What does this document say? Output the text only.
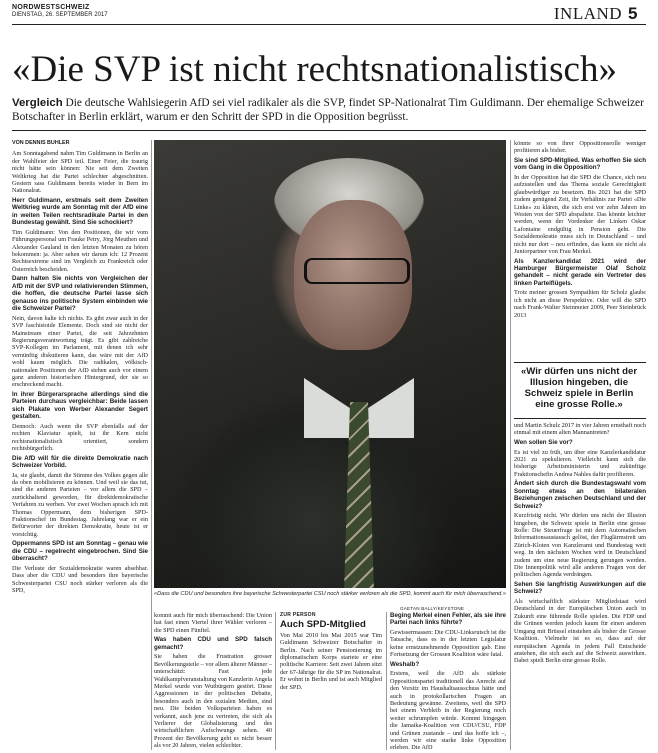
NORDWESTSCHWEIZ
DIENSTAG, 26. SEPTEMBER 2017	INLAND 5
«Die SVP ist nicht rechtsnationalistisch»
Vergleich Die deutsche Wahlsiegerin AfD sei viel radikaler als die SVP, findet SP-Nationalrat Tim Guldimann. Der ehemalige Schweizer Botschafter in Berlin erklärt, warum er den Schritt der SPD in die Opposition begrüsst.
VON DENNIS BÜHLER

Am Sonntagabend nahm Tim Guldimann in Berlin an der Wahlfeier der SPD teil. Einer Feier, die traurig nicht hätte sein können: Nie seit dem Zweiten Weltkrieg hat die Partei schlechter abgeschnitten. Gestern sass Guldimann bereits wieder in Bern im Nationalrat.

Herr Guldimann, erstmals seit dem Zweiten Weltkrieg wurde am Sonntag mit der AfD eine in weiten Teilen rechtsradikale Partei in den Bundestag gewählt. Sind Sie schockiert?

Tim Guldimann: Von den Positionen, die wir vom Führungspersonal um Frauke Petry, Jörg Meuthen und Alexander Gauland in den letzten Monaten zu hören bekommen: ja. Aber sehen wir darum ich: 12 Prozent Rechtsextreme sind im Vergleich zu Frankreich oder Österreich bescheiden.

Dann halten Sie nichts von Vergleichen der AfD mit der SVP und relativierenden Stimmen, die hoffen, die deutsche Partei lasse sich genauso ins politische System einbinden wie die Schweizer Partei?

Nein, davon halte ich nichts. Es gibt zwar auch in der SVP faschistoide Elemente. Doch sind sie nicht der Mainstream einer Partei, die seit Jahrzehnten Regierungsverantwortung trägt. Es gibt zahlreiche SVP-Kollegen im Parlament, mit denen ich sehr vernünftig diskutieren kann, das wäre mit der AfD wohl kaum möglich. Die radikalen, völkisch-nationalen Positionen der AfD stehen auch vor einem ganz anderen historischen Hintergrund, der sie so erschreckend macht.

In ihrer Bürgerarsprache allerdings sind die Parteien durchaus vergleichbar: Beide lassen sich Plakate von Werber Alexander Segert gestalten.

Dennoch: Auch wenn die SVP ebenfalls auf der rechten Klaviatur spielt, ist ihr Kern nicht rechtsnationalistisch orientiert, sondern rechtsbürgerlich.

Die AfD will für die direkte Demokratie nach Schweizer Vorbild.

Ja, sie glaubt, damit die Stimme des Volkes gegen alle da oben mobilisieren zu können. Und weil sie das tut, sind die anderen Parteien – vor allem die SPD – zurückhaltend geworden, für direktdemokratische Verfahren zu werben. Vor zwei Wochen sprach ich mit Thomas Oppermann, dem bisherigen SPD-Fraktionschef im Bundestag. Jahrelang war er ein Befürworter der direkten Demokratie, heute ist er vorsichtig.

Oppermanns SPD ist am Sonntag – genau wie die CDU – regelrecht eingebrochen. Sind Sie überrascht?

Die Verluste der Sozialdemokratie waren absehbar. Dass aber die CDU und besonders ihre bayerische Schwesterpartei CSU noch stärker verloren als die SPD,	«Dass die CDU und besonders ihre bayerische Schwesterpartei CSU noch stärker verloren als die SPD, kommt auch für mich überraschend.»
GAETAN BALLY/KEYSTONE

kommt auch für mich überraschend: Die Union hat fast einen Viertel ihrer Wähler verloren – die SPD einen Fünftel.

Was haben CDU und SPD falsch gemacht?

Sie haben die Frustration grosser Bevölkerungsteile – vor allem älterer Männer – unterschätzt: Fast jede Wahlkampfveranstaltung von Kanzlerin Angela Merkel wurde von Wutbürgern gestört. Diese Aggressionen in der politischen Debatte, besonders auch in den sozialen Medien, sind neu. Die beiden Volksparteien haben es verkannt, auch jene zu vertreten, die sich als Verlierer der Globalisierung und des wirtschaftlichen Aufschwungs sehen. 40 Prozent der Bevölkerung geht es nicht besser als vor 20 Jahren, vielen schlechter.

ZUR PERSON
Auch SPD-Mitglied

Von Mai 2010 bis Mai 2015 war Tim Guldimann Schweizer Botschafter in Berlin. Nach seiner Pensionierung im diplomatischen Korps startete er eine politische Karriere: Seit zwei Jahren sitzt der 67-Jährige für die SP im Nationalrat. Er wohnt in Berlin und ist auch Mitglied der SPD.

Beging Merkel einen Fehler, als sie ihre Partei nach links führte?

Gewissermassen: Die CDU-Linksrutsch ist die Tatsache, dass es in der letzten Legislatur keine ernstzunehmende Opposition gab. Eine Fortsetzung der Grossen Koalition wäre fatal.

Weshalb?

Erstens, weil die AfD als stärkste Oppositionspartei traditionell das Anrecht auf den Vorsitz im Haushaltsausschuss hätte und auch in protokollarischen Fragen an Bedeutung gewänne. Zweitens, weil die SPD bei einem Verbleib in der Regierung noch weiter schrumpfen würde. Kommt hingegen die Jamaika-Koalition von CDU/CSU, FDP und Grünen zustande – und das hoffe ich –, werden wir eine starke linke Opposition erleben. Die AfD

könnte so von ihrer Oppositionsrolle weniger profitieren als bisher.

Sie sind SPD-Mitglied. Was erhoffen Sie sich vom Gang in die Opposition?

In der Opposition hat die SPD die Chance, sich neu aufzustellen und das Thema soziale Gerechtigkeit glaubwürdiger zu besetzen. Bis 2021 hat die SPD zudem genügend Zeit, ihr Verhältnis zur Partei «Die Linke» zu klären, die sich erst vor zehn Jahren im Westen von der SPD abspaltete. Das könnte leichter werden, wenn der Vordenker der Linken Oskar Lafontaine endgültig in Pension geht. Die Sozialdemokratie muss sich in Deutschland – und nicht nur dort – neu erfinden, das kann sie nicht als Juniorpartner von Frau Merkel.

Als Kanzlerkandidat 2021 wird der Hamburger Bürgermeister Olaf Scholz gehandelt – nicht gerade ein Vertreter des linken Parteiflügels.

Trotz meiner grossen Sympathien für Scholz glaube ich nicht an diese Perspektive. Oder will die SPD nach Frank-Walter Steinmeier 2009, Peer Steinbrück 2013

«Wir dürfen uns nicht der Illusion hingeben, die Schweiz spiele in Berlin eine grosse Rolle.»

und Martin Schulz 2017 in vier Jahren ernsthaft noch einmal mit einem alten Mannantreten?

Wen sollen Sie vor?

Es ist viel zu früh, um über eine Kanzlerkandidatur 2021 zu spekulieren. Vielleicht kann sich die bisherige Arbeitsministerin und zukünftige Fraktionschefin Andrea Nahles dafür profilieren.

Ändert sich durch die Bundestagswahl vom Sonntag etwas an den bilateralen Beziehungen zwischen Deutschland und der Schweiz?

Kurzfristig nicht. Wir dürfen uns nicht der Illusion hingeben, die Schweiz spiele in Berlin eine grosse Rolle: Die Steuerfrage ist mit dem Automatischen Informationsaustausch gelöst, der Fluglärmstreit um Zürich-Kloten von Kanzleramt und Bundestag weit weg. In den nächsten Wochen wird in Deutschland zudem um eine neue Regierung gerungen werden. Die Innenpolitik wird alle anderen Fragen von der politischen Agenda verdrängen.

Sehen Sie langfristig Auswirkungen auf die Schweiz?

Als wirtschaftlich stärkster Mitgliedstaat wird Deutschland in der Europäischen Union auch in Zukunft eine führende Rolle spielen. Die FDP und die Grünen werden jedoch kaum für einen anderen Umgang mit Brüssel einstehen als bisher die Grosse Koalition. Vielmehr ist es so, dass auf der europäischen Agenda in jedem Fall Entscheide anstehen, die sich auch auf die Schweiz auswirken. Dabei spielt Berlin eine grosse Rolle.
